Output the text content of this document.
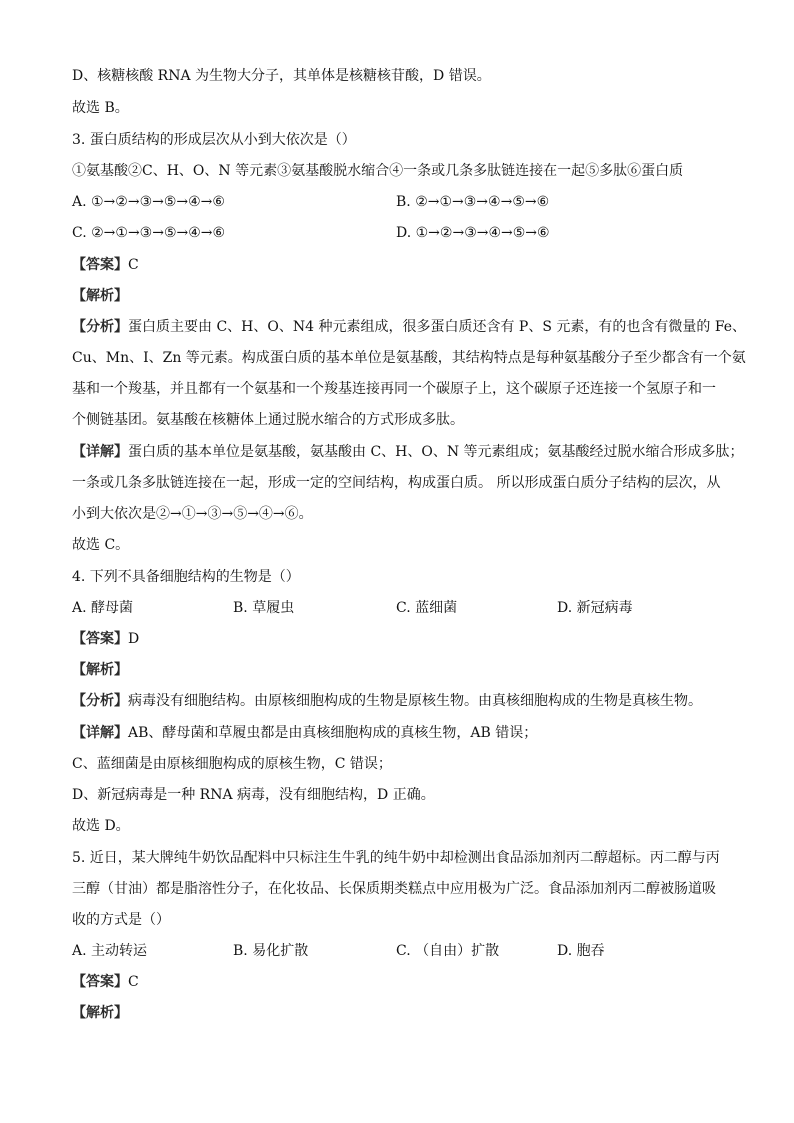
D、核糖核酸 RNA 为生物大分子，其单体是核糖核苷酸，D 错误。
故选 B。
3. 蛋白质结构的形成层次从小到大依次是（）
①氨基酸②C、H、O、N 等元素③氨基酸脱水缩合④一条或几条多肽链连接在一起⑤多肽⑥蛋白质
A. ①→②→③→⑤→④→⑥	B. ②→①→③→④→⑤→⑥
C. ②→①→③→⑤→④→⑥	D. ①→②→③→④→⑤→⑥
【答案】C
【解析】
【分析】蛋白质主要由 C、H、O、N4 种元素组成，很多蛋白质还含有 P、S 元素，有的也含有微量的 Fe、
Cu、Mn、I、Zn 等元素。构成蛋白质的基本单位是氨基酸，其结构特点是每种氨基酸分子至少都含有一个氨
基和一个羧基，并且都有一个氨基和一个羧基连接再同一个碳原子上，这个碳原子还连接一个氢原子和一
个侧链基团。氨基酸在核糖体上通过脱水缩合的方式形成多肽。
【详解】蛋白质的基本单位是氨基酸，氨基酸由 C、H、O、N 等元素组成；氨基酸经过脱水缩合形成多肽；
一条或几条多肽链连接在一起，形成一定的空间结构，构成蛋白质。 所以形成蛋白质分子结构的层次，从
小到大依次是②→①→③→⑤→④→⑥。
故选 C。
4. 下列不具备细胞结构的生物是（）
A. 酵母菌	B. 草履虫	C. 蓝细菌	D. 新冠病毒
【答案】D
【解析】
【分析】病毒没有细胞结构。由原核细胞构成的生物是原核生物。由真核细胞构成的生物是真核生物。
【详解】AB、酵母菌和草履虫都是由真核细胞构成的真核生物，AB 错误；
C、蓝细菌是由原核细胞构成的原核生物，C 错误；
D、新冠病毒是一种 RNA 病毒，没有细胞结构，D 正确。
故选 D。
5. 近日，某大牌纯牛奶饮品配料中只标注生牛乳的纯牛奶中却检测出食品添加剂丙二醇超标。丙二醇与丙
三醇（甘油）都是脂溶性分子，在化妆品、长保质期类糕点中应用极为广泛。食品添加剂丙二醇被肠道吸
收的方式是（）
A. 主动转运	B. 易化扩散	C. （自由）扩散	D. 胞吞
【答案】C
【解析】
